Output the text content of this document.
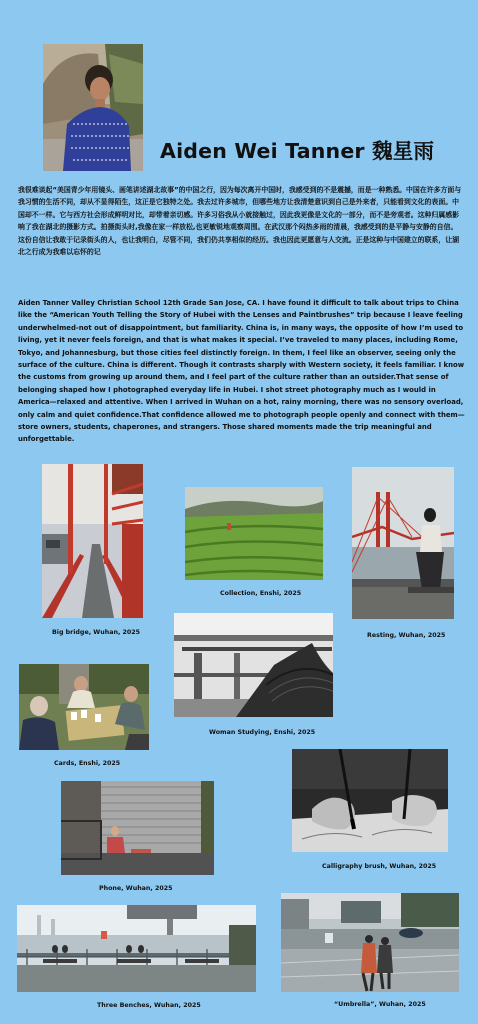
Aiden Wei Tanner 魏星雨

我很难谈起“美国青少年用镜头、画笔讲述湖北故事”的中国之行，因为每次离开中国时，我感受到的不是震撼，而是一种熟悉。中国在许多方面与我习惯的生活不同，却从不显得陌生，这正是它独特之处。我去过许多城市，但哪些地方让我清楚意识到自己是外来者，只能看到文化的表面。中国却不一样。它与西方社会形成鲜明对比，却带着亲切感。许多习俗我从小就接触过，因此我更像是文化的一部分，而不是旁观者。这种归属感影响了我在湖北的摄影方式。拍摄街头时,我像在家一样放松,也更敏锐地观察周围。在武汉那个闷热多雨的清晨，我感受到的是平静与安静的自信。这份自信让我敢于记录街头的人，也让我明白，尽管不同，我们仍共享相似的经历。我也因此更愿意与人交流。正是这种与中国建立的联系，让湖北之行成为我难以忘怀的记

Aiden Tanner Valley Christian School 12th Grade San Jose, CA. I have found it difficult to talk about trips to China like the “American Youth Telling the Story of Hubei with the Lenses and Paintbrushes” trip because I leave feeling underwhelmed-not out of disappointment, but familiarity. China is, in many ways, the opposite of how I’m used to living, yet it never feels foreign, and that is what makes it special. I’ve traveled to many places, including Rome, Tokyo, and Johannesburg, but those cities feel distinctly foreign. In them, I feel like an observer, seeing only the surface of the culture. China is different. Though it contrasts sharply with Western society, it feels familiar. I know the customs from growing up around them, and I feel part of the culture rather than an outsider.That sense of belonging shaped how I photographed everyday life in Hubei. I shot street photography much as I would in America—relaxed and attentive. When I arrived in Wuhan on a hot, rainy morning, there was no sensory overload, only calm and quiet confidence.That confidence allowed me to photograph people openly and connect with them—store owners, students, chaperones, and strangers. Those shared moments made the trip meaningful and unforgettable.

Big bridge, Wuhan, 2025
Collection, Enshi, 2025
Resting, Wuhan, 2025
Woman Studying, Enshi, 2025
Cards, Enshi, 2025
Calligraphy brush, Wuhan, 2025
Phone, Wuhan, 2025
Three Benches, Wuhan, 2025	“Umbrella”, Wuhan, 2025
